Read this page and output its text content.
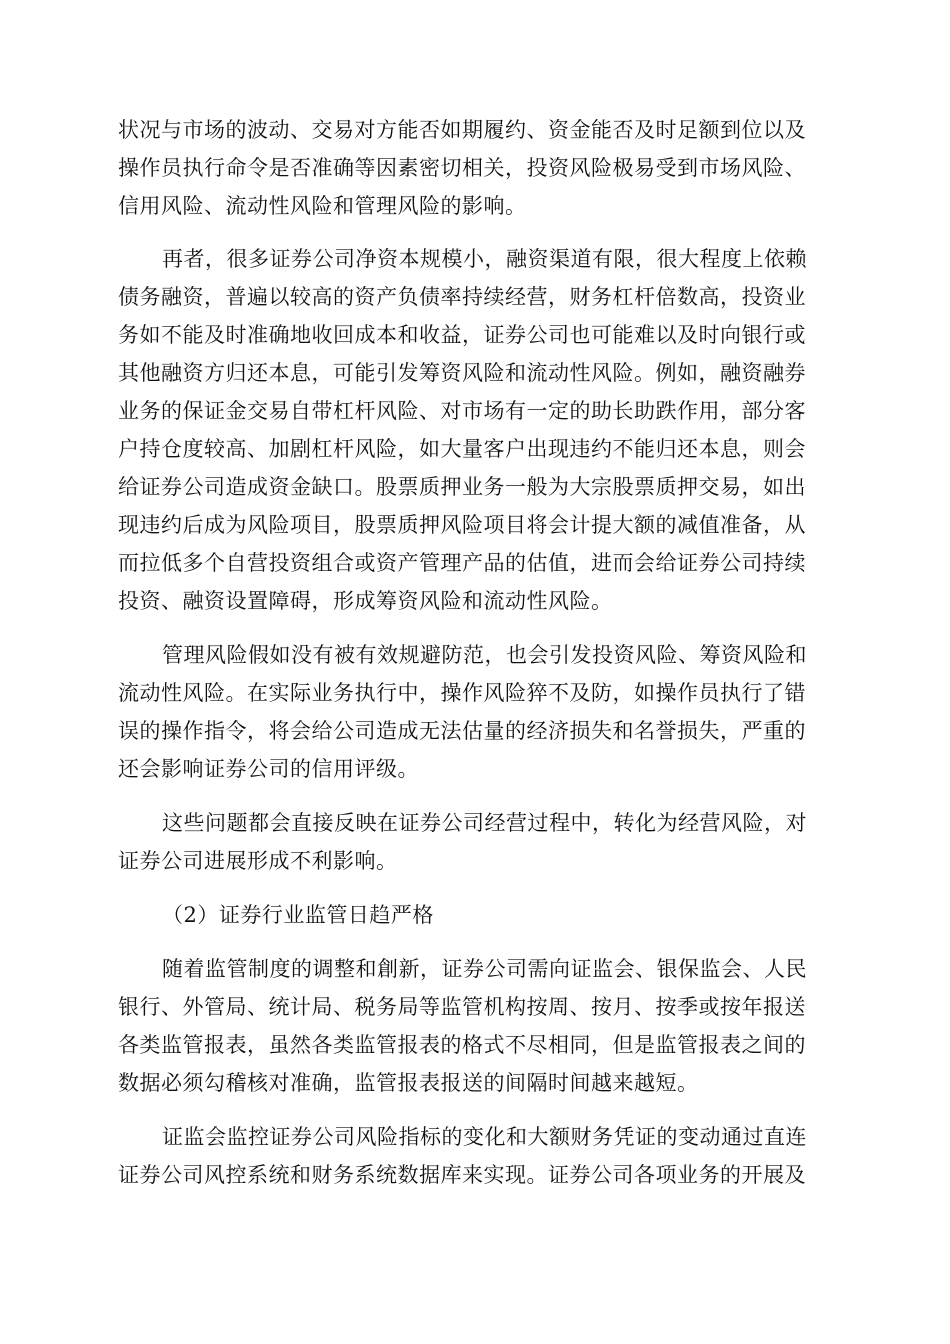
状况与市场的波动、交易对方能否如期履约、资金能否及时足额到位以及
操作员执行命令是否准确等因素密切相关，投资风险极易受到市场风险、
信用风险、流动性风险和管理风险的影响。
再者，很多证券公司净资本规模小，融资渠道有限，很大程度上依赖
债务融资，普遍以较高的资产负债率持续经营，财务杠杆倍数高，投资业
务如不能及时准确地收回成本和收益，证券公司也可能难以及时向银行或
其他融资方归还本息，可能引发筹资风险和流动性风险。例如，融资融券
业务的保证金交易自带杠杆风险、对市场有一定的助长助跌作用，部分客
户持仓度较高、加剧杠杆风险，如大量客户出现违约不能归还本息，则会
给证券公司造成资金缺口。股票质押业务一般为大宗股票质押交易，如出
现违约后成为风险项目，股票质押风险项目将会计提大额的减值准备，从
而拉低多个自营投资组合或资产管理产品的估值，进而会给证券公司持续
投资、融资设置障碍，形成筹资风险和流动性风险。
管理风险假如没有被有效规避防范，也会引发投资风险、筹资风险和
流动性风险。在实际业务执行中，操作风险猝不及防，如操作员执行了错
误的操作指令，将会给公司造成无法估量的经济损失和名誉损失，严重的
还会影响证券公司的信用评级。
这些问题都会直接反映在证券公司经营过程中，转化为经营风险，对
证券公司进展形成不利影响。
（2）证券行业监管日趋严格
随着监管制度的调整和創新，证券公司需向证监会、银保监会、人民
银行、外管局、统计局、税务局等监管机构按周、按月、按季或按年报送
各类监管报表，虽然各类监管报表的格式不尽相同，但是监管报表之间的
数据必须勾稽核对准确，监管报表报送的间隔时间越来越短。
证监会监控证券公司风险指标的变化和大额财务凭证的变动通过直连
证券公司风控系统和财务系统数据库来实现。证券公司各项业务的开展及
